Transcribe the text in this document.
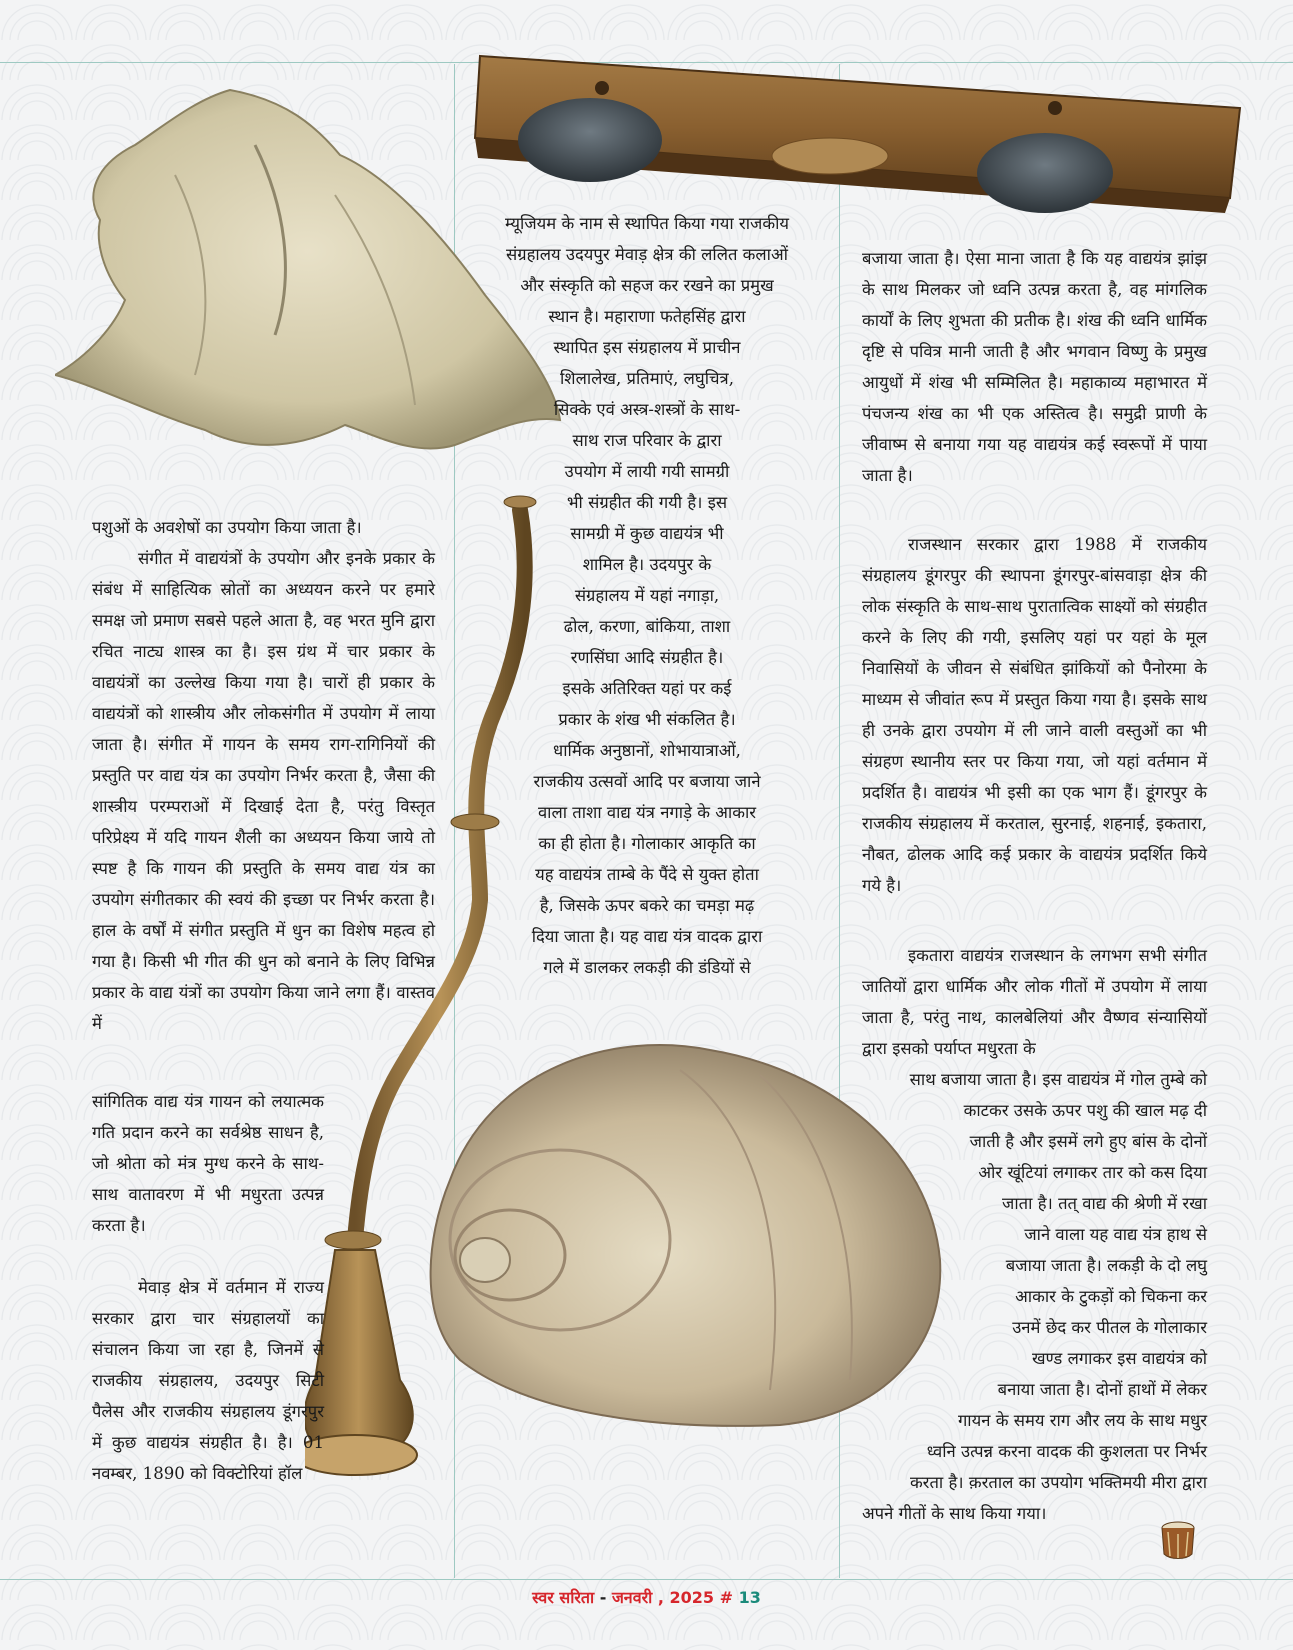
पशुओं के अवशेषों का उपयोग किया जाता है।

संगीत में वाद्ययंत्रों के उपयोग और इनके प्रकार के संबंध में साहित्यिक स्रोतों का अध्ययन करने पर हमारे समक्ष जो प्रमाण सबसे पहले आता है, वह भरत मुनि द्वारा रचित नाट्य शास्त्र का है। इस ग्रंथ में चार प्रकार के वाद्ययंत्रों का उल्लेख किया गया है। चारों ही प्रकार के वाद्ययंत्रों को शास्त्रीय और लोकसंगीत में उपयोग में लाया जाता है। संगीत में गायन के समय राग-रागिनियों की प्रस्तुति पर वाद्य यंत्र का उपयोग निर्भर करता है, जैसा की शास्त्रीय परम्पराओं में दिखाई देता है, परंतु विस्तृत परिप्रेक्ष्य में यदि गायन शैली का अध्ययन किया जाये तो स्पष्ट है कि गायन की प्रस्तुति के समय वाद्य यंत्र का उपयोग संगीतकार की स्वयं की इच्छा पर निर्भर करता है। हाल के वर्षों में संगीत प्रस्तुति में धुन का विशेष महत्व हो गया है। किसी भी गीत की धुन को बनाने के लिए विभिन्न प्रकार के वाद्य यंत्रों का उपयोग किया जाने लगा हैं। वास्तव में

सांगितिक वाद्य यंत्र गायन को लयात्मक गति प्रदान करने का सर्वश्रेष्ठ साधन है, जो श्रोता को मंत्र मुग्ध करने के साथ-साथ वातावरण में भी मधुरता उत्पन्न करता है।

मेवाड़ क्षेत्र में वर्तमान में राज्य सरकार द्वारा चार संग्रहालयों का संचालन किया जा रहा है, जिनमें से राजकीय संग्रहालय, उदयपुर सिटी पैलेस और राजकीय संग्रहालय डूंगरपुर में कुछ वाद्ययंत्र संग्रहीत है। है। 01 नवम्बर, 1890 को विक्टोरियां हॉल

म्यूजियम के नाम से स्थापित किया गया राजकीय
संग्रहालय उदयपुर मेवाड़ क्षेत्र की ललित कलाओं
और संस्कृति को सहज कर रखने का प्रमुख
स्थान है। महाराणा फतेहसिंह द्वारा
स्थापित इस संग्रहालय में प्राचीन
शिलालेख, प्रतिमाएं, लघुचित्र,
सिक्के एवं अस्त्र-शस्त्रों के साथ-
साथ राज परिवार के द्वारा
उपयोग में लायी गयी सामग्री
भी संग्रहीत की गयी है। इस
सामग्री में कुछ वाद्ययंत्र भी
शामिल है। उदयपुर के
संग्रहालय में यहां नगाड़ा,
ढोल, करणा, बांकिया, ताशा
रणसिंघा आदि संग्रहीत है।
इसके अतिरिक्त यहां पर कई
प्रकार के शंख भी संकलित है।
धार्मिक अनुष्ठानों, शोभायात्राओं,
राजकीय उत्सवों आदि पर बजाया जाने
वाला ताशा वाद्य यंत्र नगाड़े के आकार
का ही होता है। गोलाकार आकृति का
यह वाद्ययंत्र ताम्बे के पैंदे से युक्त होता
है, जिसके ऊपर बकरे का चमड़ा मढ़
दिया जाता है। यह वाद्य यंत्र वादक द्वारा
गले में डालकर लकड़ी की डंडियों से

बजाया जाता है। ऐसा माना जाता है कि यह वाद्ययंत्र झांझ के साथ मिलकर जो ध्वनि उत्पन्न करता है, वह मांगलिक कार्यों के लिए शुभता की प्रतीक है। शंख की ध्वनि धार्मिक दृष्टि से पवित्र मानी जाती है और भगवान विष्णु के प्रमुख आयुधों में शंख भी सम्मिलित है। महाकाव्य महाभारत में पंचजन्य शंख का भी एक अस्तित्व है। समुद्री प्राणी के जीवाष्म से बनाया गया यह वाद्ययंत्र कई स्वरूपों में पाया जाता है।

राजस्थान सरकार द्वारा 1988 में राजकीय संग्रहालय डूंगरपुर की स्थापना डूंगरपुर-बांसवाड़ा क्षेत्र की लोक संस्कृति के साथ-साथ पुरातात्विक साक्ष्यों को संग्रहीत करने के लिए की गयी, इसलिए यहां पर यहां के मूल निवासियों के जीवन से संबंधित झांकियों को पैनोरमा के माध्यम से जीवांत रूप में प्रस्तुत किया गया है। इसके साथ ही उनके द्वारा उपयोग में ली जाने वाली वस्तुओं का भी संग्रहण स्थानीय स्तर पर किया गया, जो यहां वर्तमान में प्रदर्शित है। वाद्ययंत्र भी इसी का एक भाग हैं। डूंगरपुर के राजकीय संग्रहालय में करताल, सुरनाई, शहनाई, इकतारा, नौबत, ढोलक आदि कई प्रकार के वाद्ययंत्र प्रदर्शित किये गये है।

इकतारा वाद्ययंत्र राजस्थान के लगभग सभी संगीत जातियों द्वारा धार्मिक और लोक गीतों में उपयोग में लाया जाता है, परंतु नाथ, कालबेलियां और वैष्णव संन्यासियों द्वारा इसको पर्याप्त मधुरता के

साथ बजाया जाता है। इस वाद्ययंत्र में गोल तुम्बे को
काटकर उसके ऊपर पशु की खाल मढ़ दी
जाती है और इसमें लगे हुए बांस के दोनों
ओर खूंटियां लगाकर तार को कस दिया
जाता है। तत् वाद्य की श्रेणी में रखा
जाने वाला यह वाद्य यंत्र हाथ से
बजाया जाता है। लकड़ी के दो लघु
आकार के टुकड़ों को चिकना कर
उनमें छेद कर पीतल के गोलाकार
खण्ड लगाकर इस वाद्ययंत्र को
बनाया जाता है। दोनों हाथों में लेकर
गायन के समय राग और लय के साथ मधुर
ध्वनि उत्पन्न करना वादक की कुशलता पर निर्भर
करता है। क़रताल का उपयोग भक्तिमयी मीरा द्वारा
अपने गीतों के साथ किया गया।
स्वर सरिता - जनवरी , 2025 # 13
